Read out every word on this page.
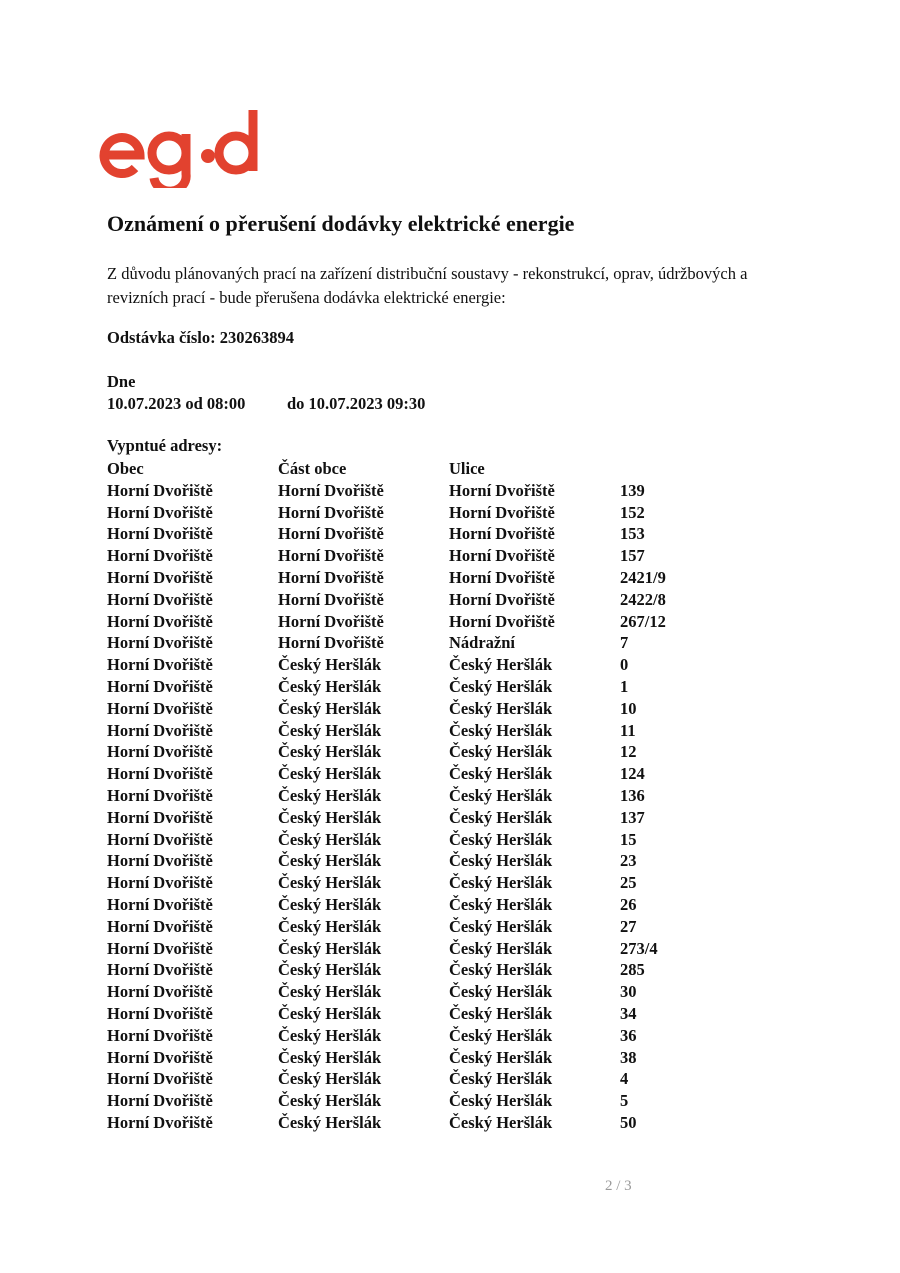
Oznámení o přerušení dodávky elektrické energie

Z důvodu plánovaných prací na zařízení distribuční soustavy - rekonstrukcí, oprav, údržbových a revizních prací - bude přerušena dodávka elektrické energie:

Odstávka číslo: 230263894
Dne
10.07.2023 od 08:00	do 10.07.2023 09:30
Vypntué adresy:
Obec	Část obce	Ulice
Horní Dvořiště	Horní Dvořiště	Horní Dvořiště	139
Horní Dvořiště	Horní Dvořiště	Horní Dvořiště	152
Horní Dvořiště	Horní Dvořiště	Horní Dvořiště	153
Horní Dvořiště	Horní Dvořiště	Horní Dvořiště	157
Horní Dvořiště	Horní Dvořiště	Horní Dvořiště	2421/9
Horní Dvořiště	Horní Dvořiště	Horní Dvořiště	2422/8
Horní Dvořiště	Horní Dvořiště	Horní Dvořiště	267/12
Horní Dvořiště	Horní Dvořiště	Nádražní	7
Horní Dvořiště	Český Heršlák	Český Heršlák	0
Horní Dvořiště	Český Heršlák	Český Heršlák	1
Horní Dvořiště	Český Heršlák	Český Heršlák	10
Horní Dvořiště	Český Heršlák	Český Heršlák	11
Horní Dvořiště	Český Heršlák	Český Heršlák	12
Horní Dvořiště	Český Heršlák	Český Heršlák	124
Horní Dvořiště	Český Heršlák	Český Heršlák	136
Horní Dvořiště	Český Heršlák	Český Heršlák	137
Horní Dvořiště	Český Heršlák	Český Heršlák	15
Horní Dvořiště	Český Heršlák	Český Heršlák	23
Horní Dvořiště	Český Heršlák	Český Heršlák	25
Horní Dvořiště	Český Heršlák	Český Heršlák	26
Horní Dvořiště	Český Heršlák	Český Heršlák	27
Horní Dvořiště	Český Heršlák	Český Heršlák	273/4
Horní Dvořiště	Český Heršlák	Český Heršlák	285
Horní Dvořiště	Český Heršlák	Český Heršlák	30
Horní Dvořiště	Český Heršlák	Český Heršlák	34
Horní Dvořiště	Český Heršlák	Český Heršlák	36
Horní Dvořiště	Český Heršlák	Český Heršlák	38
Horní Dvořiště	Český Heršlák	Český Heršlák	4
Horní Dvořiště	Český Heršlák	Český Heršlák	5
Horní Dvořiště	Český Heršlák	Český Heršlák	50
2 / 3
